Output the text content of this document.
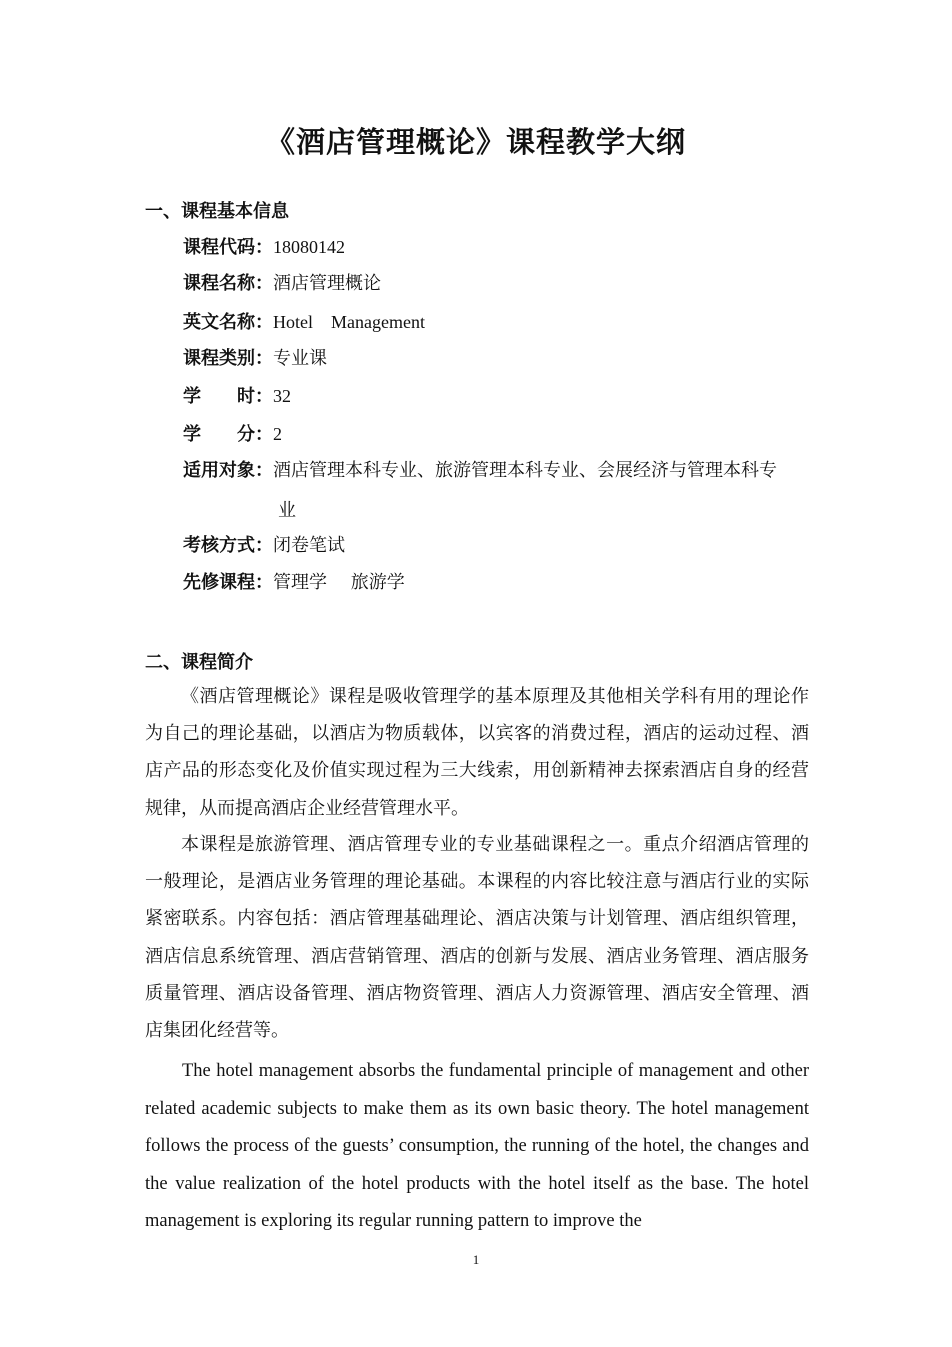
《酒店管理概论》课程教学大纲
一、课程基本信息
课程代码：18080142
课程名称：酒店管理概论
英文名称：Hotel　Management
课程类别：专业课
学　　时：32
学　　分：2
适用对象：酒店管理本科专业、旅游管理本科专业、会展经济与管理本科专
业
考核方式：闭卷笔试
先修课程：管理学　 旅游学
二、课程简介

《酒店管理概论》课程是吸收管理学的基本原理及其他相关学科有用的理论作为自己的理论基础，以酒店为物质载体，以宾客的消费过程，酒店的运动过程、酒店产品的形态变化及价值实现过程为三大线索，用创新精神去探索酒店自身的经营规律，从而提高酒店企业经营管理水平。

本课程是旅游管理、酒店管理专业的专业基础课程之一。重点介绍酒店管理的一般理论，是酒店业务管理的理论基础。本课程的内容比较注意与酒店行业的实际紧密联系。内容包括：酒店管理基础理论、酒店决策与计划管理、酒店组织管理，酒店信息系统管理、酒店营销管理、酒店的创新与发展、酒店业务管理、酒店服务质量管理、酒店设备管理、酒店物资管理、酒店人力资源管理、酒店安全管理、酒店集团化经营等。

The hotel management absorbs the fundamental principle of management and other related academic subjects to make them as its own basic theory. The hotel management follows the process of the guests’ consumption, the running of the hotel, the changes and the value realization of the hotel products with the hotel itself as the base. The hotel management is exploring its regular running pattern to improve the

1
